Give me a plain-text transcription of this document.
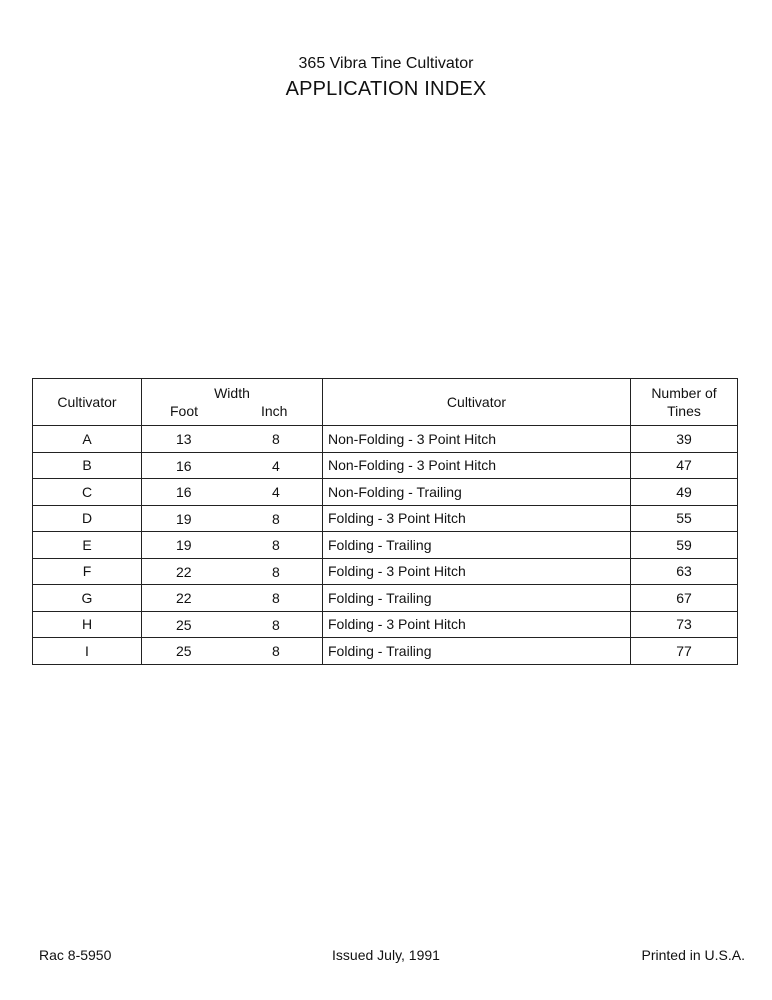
365 Vibra Tine Cultivator
APPLICATION INDEX
Cultivator	Width
Foot Inch	Cultivator	Number of Tines

A	13 8	Non-Folding - 3 Point Hitch	39
B	16 4	Non-Folding - 3 Point Hitch	47
C	16 4	Non-Folding - Trailing	49
D	19 8	Folding - 3 Point Hitch	55
E	19 8	Folding - Trailing	59
F	22 8	Folding - 3 Point Hitch	63
G	22 8	Folding - Trailing	67
H	25 8	Folding - 3 Point Hitch	73
I	25 8	Folding - Trailing	77
Rac 8-5950	Issued July, 1991	Printed in U.S.A.
